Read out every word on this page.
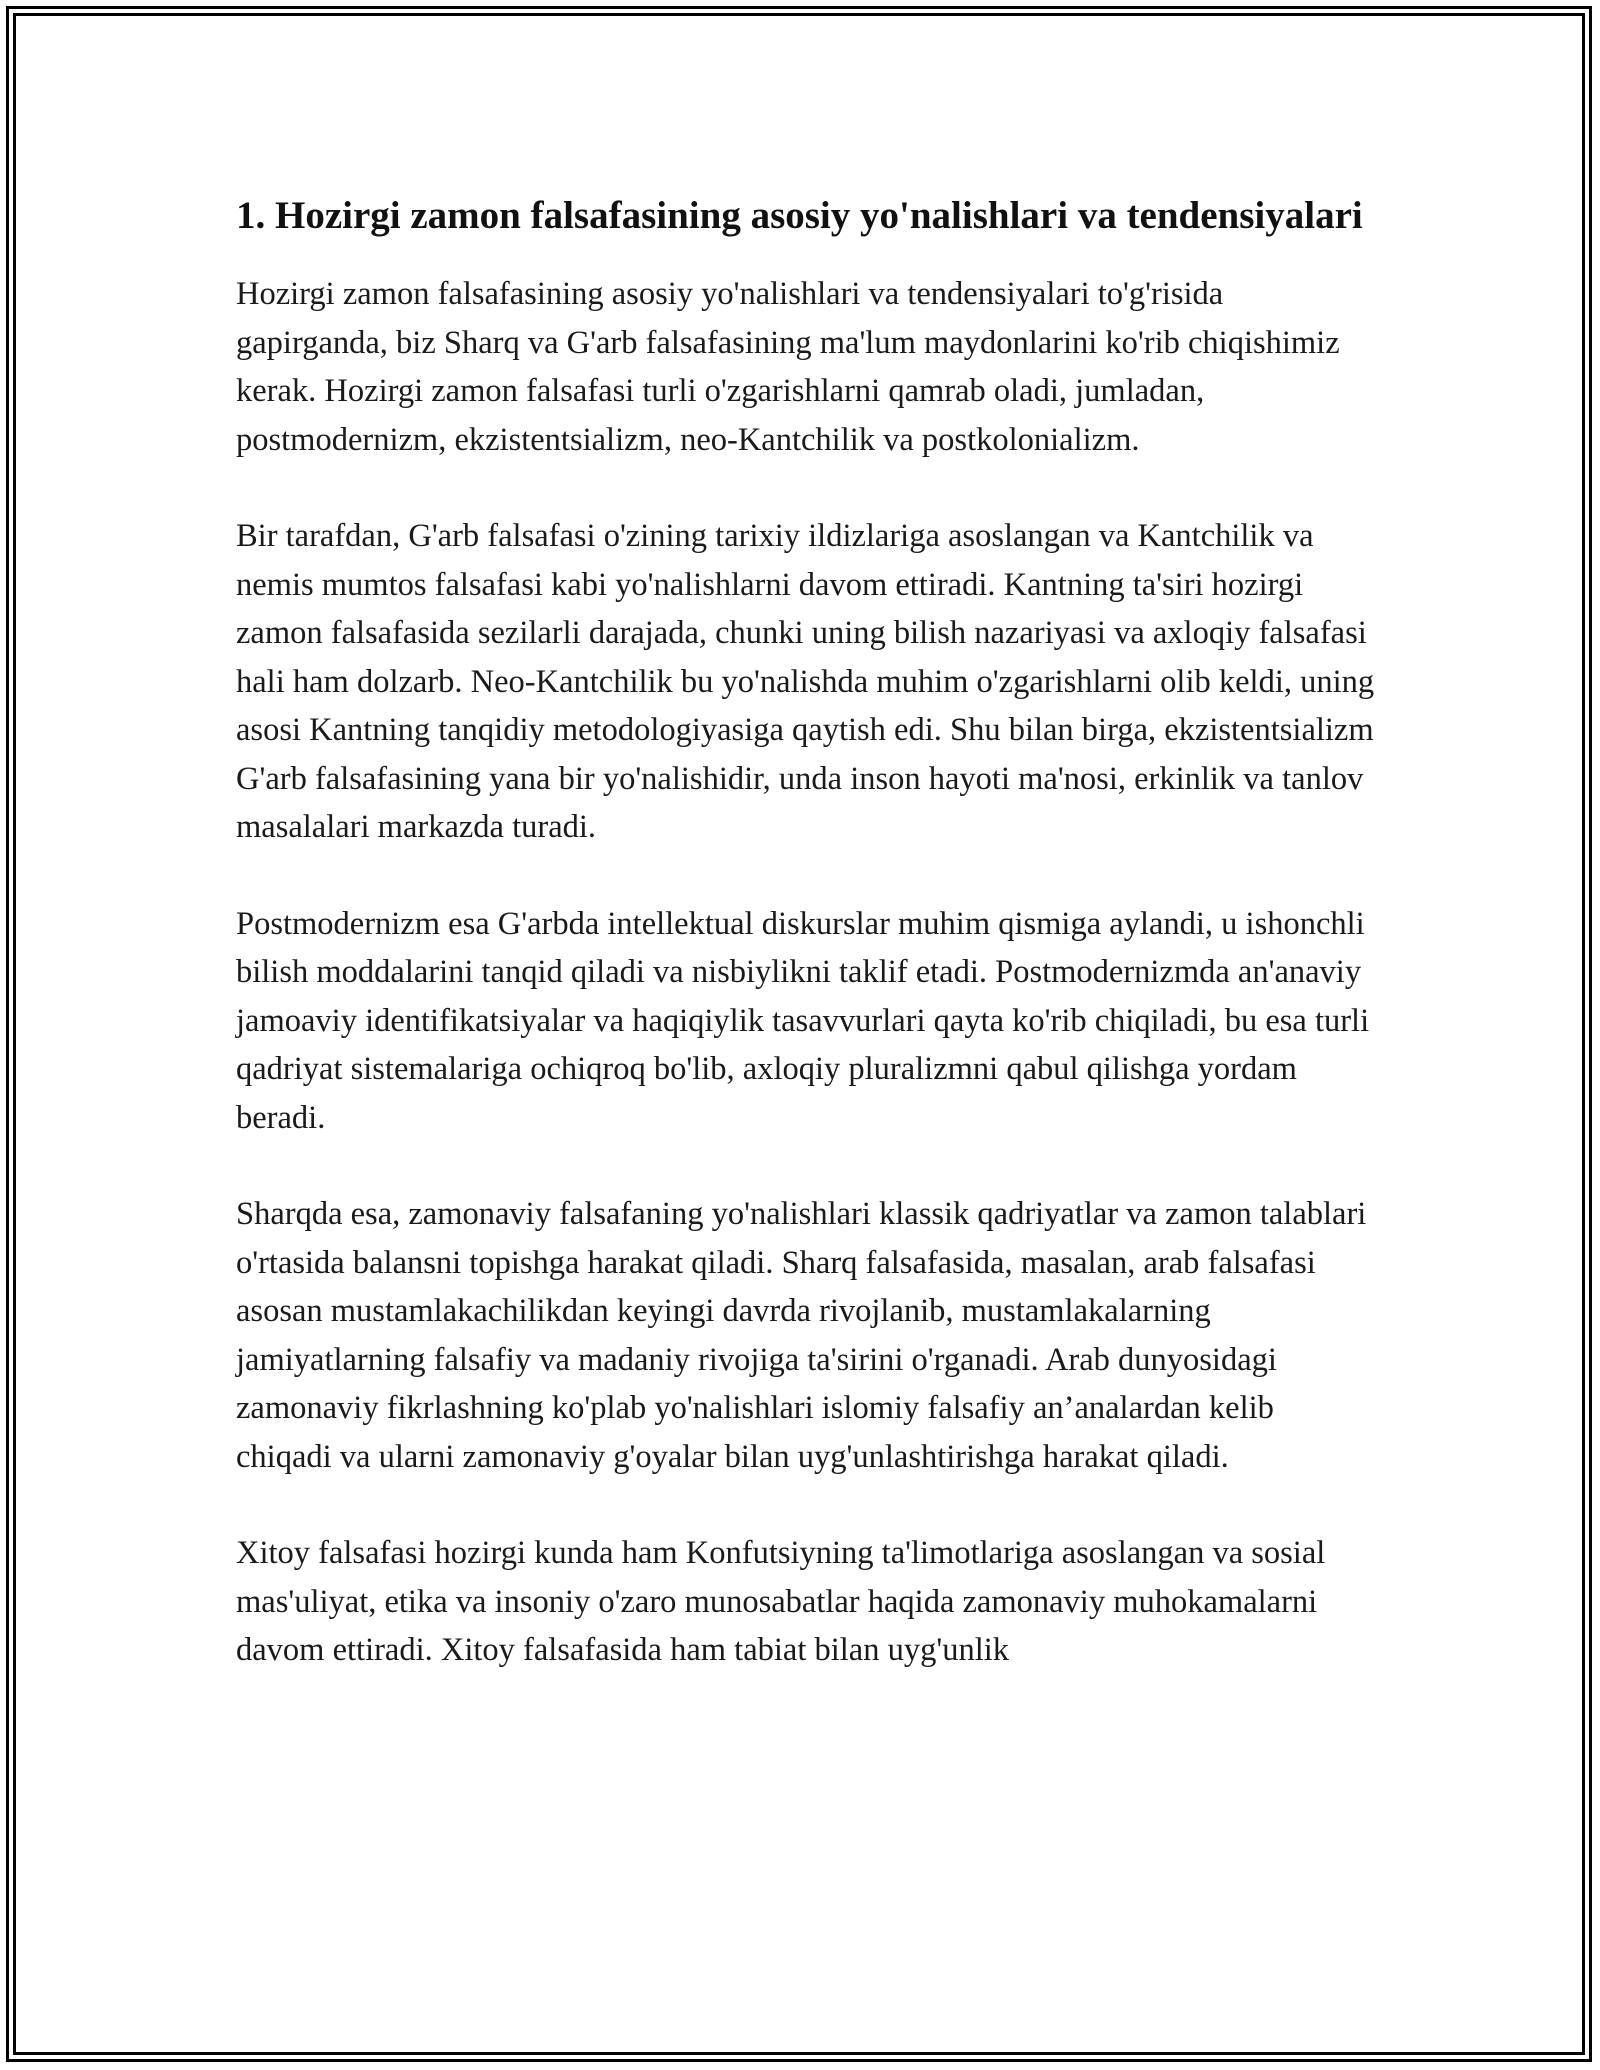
1. Hozirgi zamon falsafasining asosiy yo'nalishlari va tendensiyalari

Hozirgi zamon falsafasining asosiy yo'nalishlari va tendensiyalari to'g'risida gapirganda, biz Sharq va G'arb falsafasining ma'lum maydonlarini ko'rib chiqishimiz kerak. Hozirgi zamon falsafasi turli o'zgarishlarni qamrab oladi, jumladan, postmodernizm, ekzistentsializm, neo-Kantchilik va postkolonializm.

Bir tarafdan, G'arb falsafasi o'zining tarixiy ildizlariga asoslangan va Kantchilik va nemis mumtos falsafasi kabi yo'nalishlarni davom ettiradi. Kantning ta'siri hozirgi zamon falsafasida sezilarli darajada, chunki uning bilish nazariyasi va axloqiy falsafasi hali ham dolzarb. Neo-Kantchilik bu yo'nalishda muhim o'zgarishlarni olib keldi, uning asosi Kantning tanqidiy metodologiyasiga qaytish edi. Shu bilan birga, ekzistentsializm G'arb falsafasining yana bir yo'nalishidir, unda inson hayoti ma'nosi, erkinlik va tanlov masalalari markazda turadi.

Postmodernizm esa G'arbda intellektual diskurslar muhim qismiga aylandi, u ishonchli bilish moddalarini tanqid qiladi va nisbiylikni taklif etadi. Postmodernizmda an'anaviy jamoaviy identifikatsiyalar va haqiqiylik tasavvurlari qayta ko'rib chiqiladi, bu esa turli qadriyat sistemalariga ochiqroq bo'lib, axloqiy pluralizmni qabul qilishga yordam beradi.

Sharqda esa, zamonaviy falsafaning yo'nalishlari klassik qadriyatlar va zamon talablari o'rtasida balansni topishga harakat qiladi. Sharq falsafasida, masalan, arab falsafasi asosan mustamlakachilikdan keyingi davrda rivojlanib, mustamlakalarning jamiyatlarning falsafiy va madaniy rivojiga ta'sirini o'rganadi. Arab dunyosidagi zamonaviy fikrlashning ko'plab yo'nalishlari islomiy falsafiy an’analardan kelib chiqadi va ularni zamonaviy g'oyalar bilan uyg'unlashtirishga harakat qiladi.

Xitoy falsafasi hozirgi kunda ham Konfutsiyning ta'limotlariga asoslangan va sosial mas'uliyat, etika va insoniy o'zaro munosabatlar haqida zamonaviy muhokamalarni davom ettiradi. Xitoy falsafasida ham tabiat bilan uyg'unlik
